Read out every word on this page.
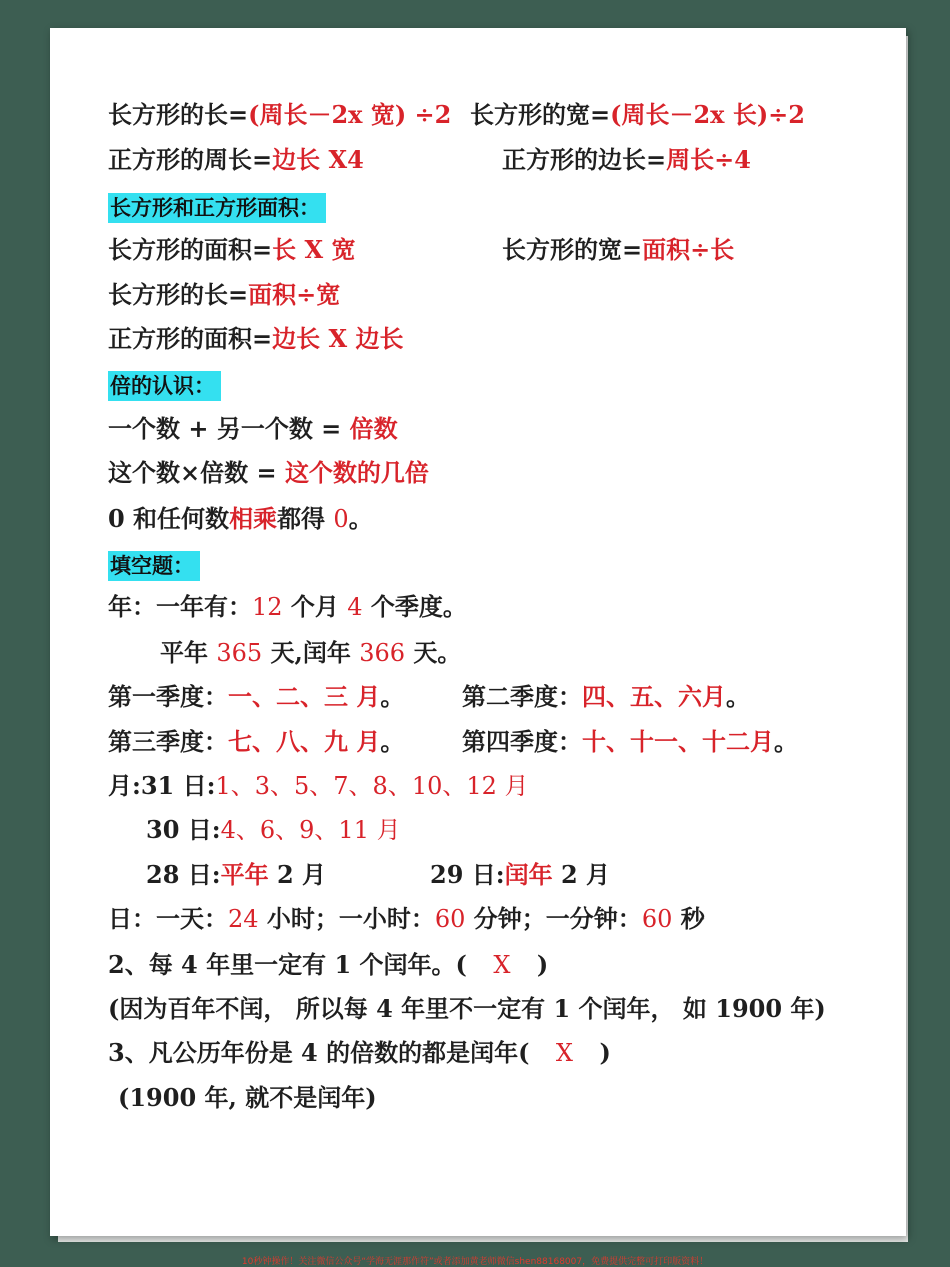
长方形的长=(周长－2x 宽) ÷2 长方形的宽=(周长－2x 长)÷2
正方形的周长=边长 X4	正方形的边长=周长÷4
长方形和正方形面积：
长方形的面积=长 X 宽	长方形的宽=面积÷长
长方形的长=面积÷宽
正方形的面积=边长 X 边长
倍的认识：
一个数 + 另一个数 = 倍数
这个数×倍数 = 这个数的几倍
0 和任何数相乘都得 0。
填空题：
年：一年有：12 个月 4 个季度。
平年 365 天,闰年 366 天。
第一季度：一、二、三 月。 第二季度：四、五、六月。
第三季度：七、八、九 月。 第四季度：十、十一、十二月。
月:31 日:1、3、5、7、8、10、12 月
30 日:4、6、9、11 月
28 日:平年 2 月	29 日:闰年 2 月
日：一天：24 小时；一小时：60 分钟；一分钟：60 秒
2、每 4 年里一定有 1 个闰年。( X )
(因为百年不闰， 所以每 4 年里不一定有 1 个闰年， 如 1900 年)
3、凡公历年份是 4 的倍数的都是闰年( X )
(1900 年, 就不是闰年)
10秒钟操作！关注微信公众号“学海无涯那作符”或者添加黄老师微信shen88168007，免费提供完整可打印版资料！
